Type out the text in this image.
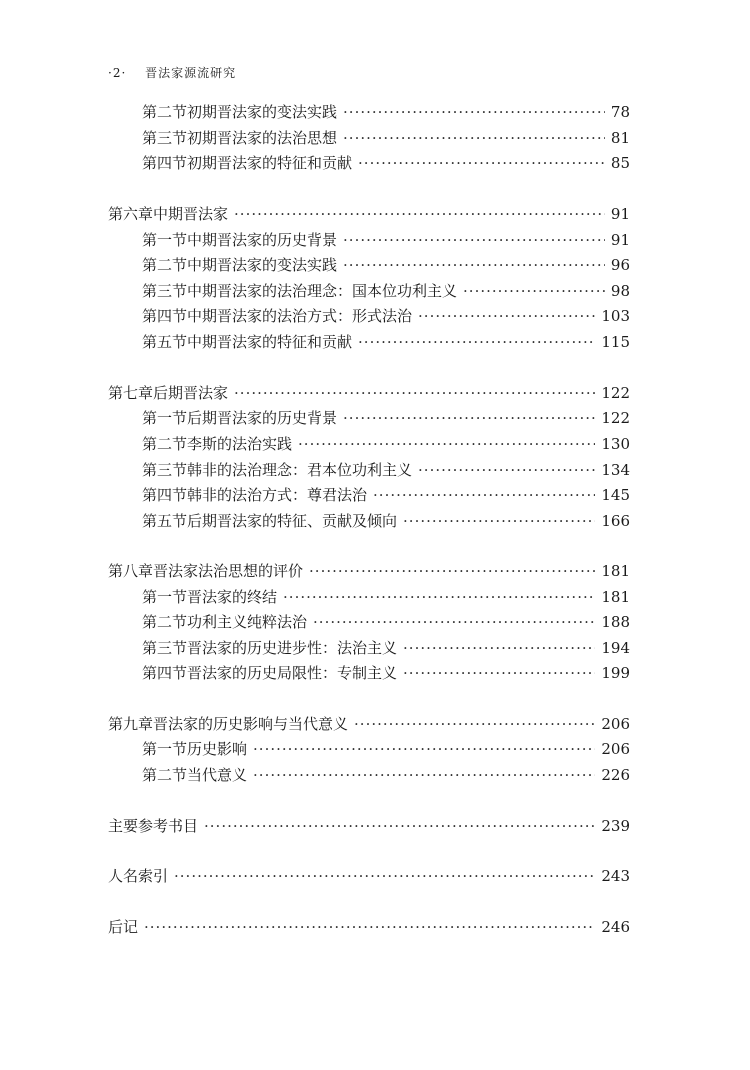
·2· 晋法家源流研究
第二节 初期晋法家的变法实践 ·····	78
第三节 初期晋法家的法治思想 ·····	81
第四节 初期晋法家的特征和贡献 ·····	85
第六章 中期晋法家 ·····	91
第一节 中期晋法家的历史背景 ·····	91
第二节 中期晋法家的变法实践 ·····	96
第三节 中期晋法家的法治理念：国本位功利主义 ·····	98
第四节 中期晋法家的法治方式：形式法治 ·····	103
第五节 中期晋法家的特征和贡献 ·····	115
第七章 后期晋法家 ·····	122
第一节 后期晋法家的历史背景 ·····	122
第二节 李斯的法治实践 ·····	130
第三节 韩非的法治理念：君本位功利主义 ·····	134
第四节 韩非的法治方式：尊君法治 ·····	145
第五节 后期晋法家的特征、贡献及倾向 ·····	166
第八章 晋法家法治思想的评价 ·····	181
第一节 晋法家的终结 ·····	181
第二节 功利主义纯粹法治 ·····	188
第三节 晋法家的历史进步性：法治主义 ·····	194
第四节 晋法家的历史局限性：专制主义 ·····	199
第九章 晋法家的历史影响与当代意义 ·····	206
第一节 历史影响 ·····	206
第二节 当代意义 ·····	226
主要参考书目 ·····	239
人名索引 ·····	243
后记 ·····	246
